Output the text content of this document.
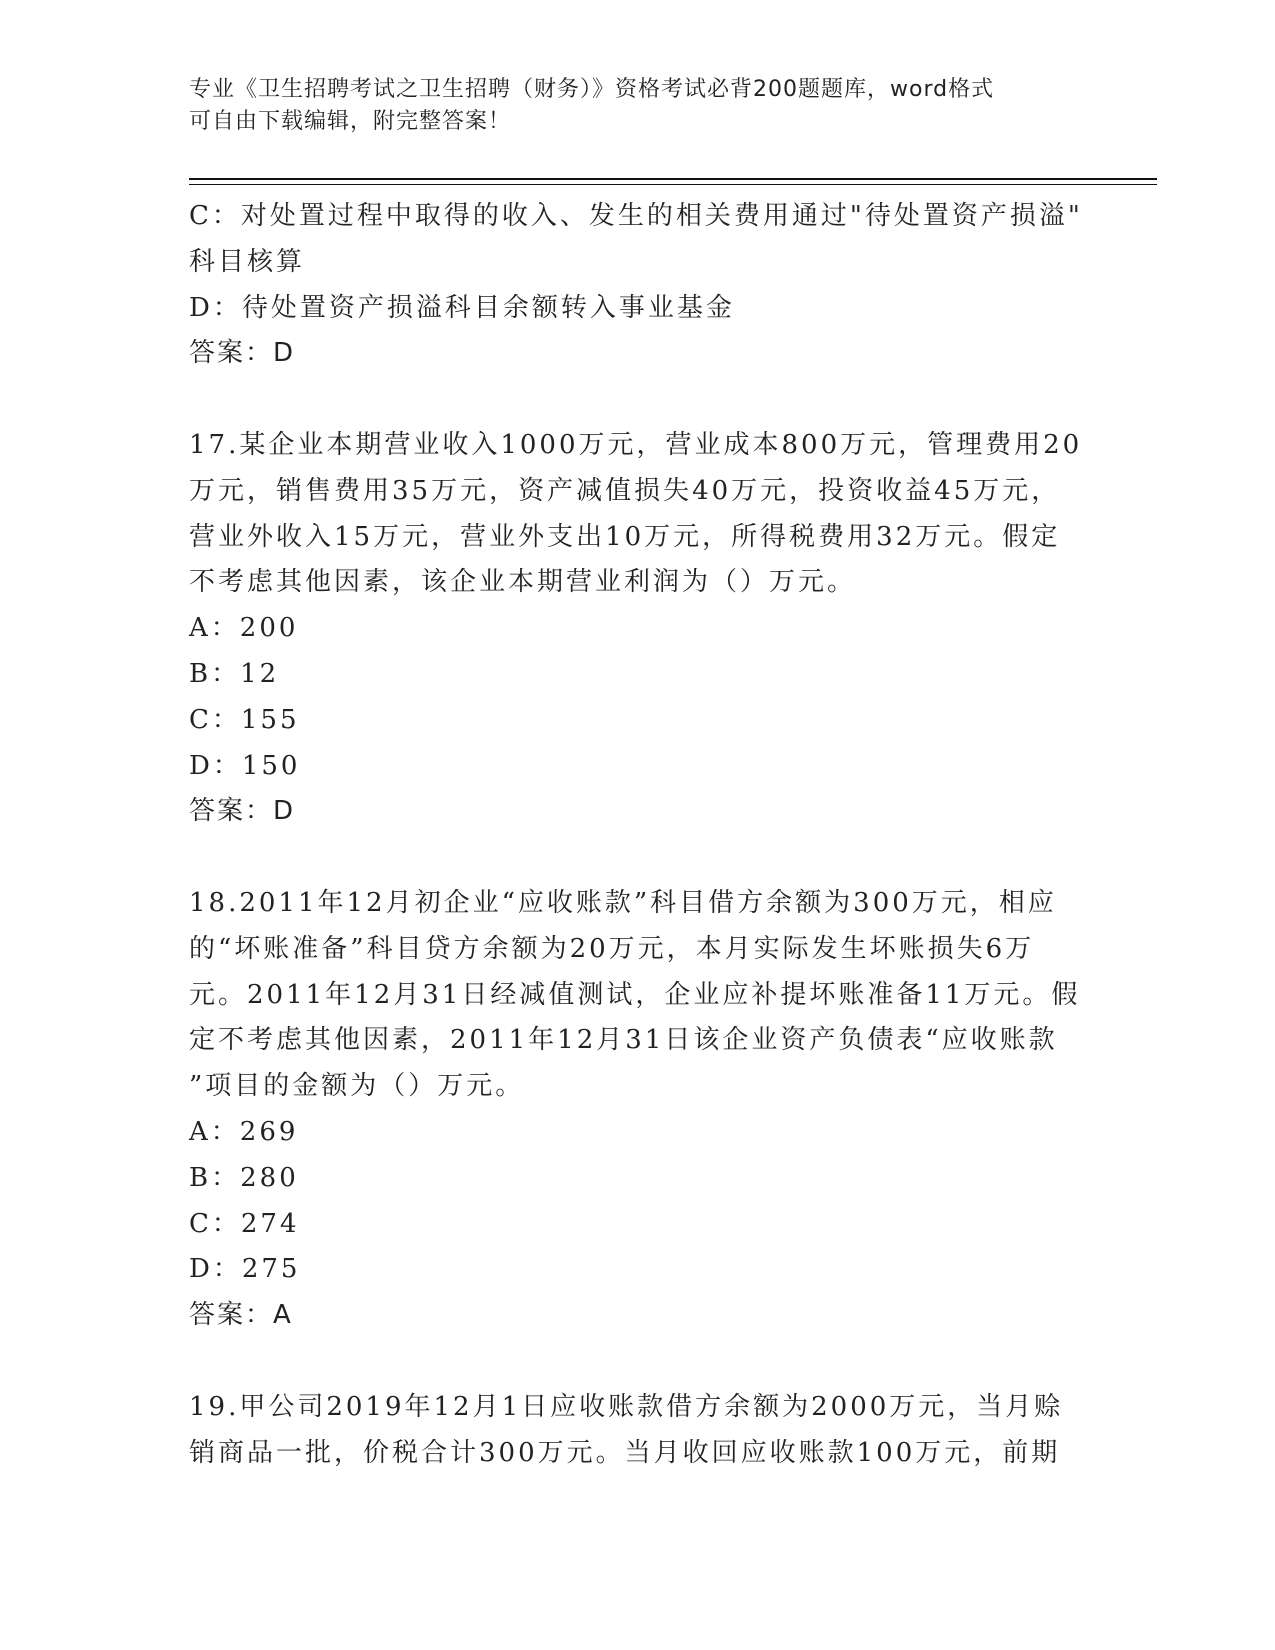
专业《卫生招聘考试之卫生招聘（财务）》资格考试必背200题题库，word格式
可自由下载编辑，附完整答案！
C：对处置过程中取得的收入、发生的相关费用通过"待处置资产损溢"
科目核算
D：待处置资产损溢科目余额转入事业基金
答案：D
17.某企业本期营业收入1000万元，营业成本800万元，管理费用20
万元，销售费用35万元，资产减值损失40万元，投资收益45万元，
营业外收入15万元，营业外支出10万元，所得税费用32万元。假定
不考虑其他因素，该企业本期营业利润为（）万元。
A：200
B：12
C：155
D：150
答案：D
18.2011年12月初企业“应收账款”科目借方余额为300万元，相应
的“坏账准备”科目贷方余额为20万元，本月实际发生坏账损失6万
元。2011年12月31日经减值测试，企业应补提坏账准备11万元。假
定不考虑其他因素，2011年12月31日该企业资产负债表“应收账款
”项目的金额为（）万元。
A：269
B：280
C：274
D：275
答案：A
19.甲公司2019年12月1日应收账款借方余额为2000万元，当月赊
销商品一批，价税合计300万元。当月收回应收账款100万元，前期
